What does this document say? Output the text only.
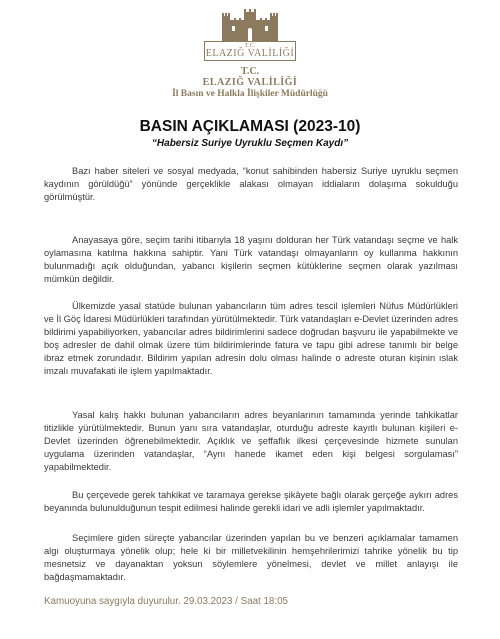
T.C.
ELAZIĞ VALİLİĞİ
T.C.
ELAZIĞ VALİLİĞİ
İl Basın ve Halkla İlişkiler Müdürlüğü
BASIN AÇIKLAMASI (2023-10)
“Habersiz Suriye Uyruklu Seçmen Kaydı”

Bazı haber siteleri ve sosyal medyada, “konut sahibinden habersiz Suriye uyruklu seçmen kaydının görüldüğü” yönünde gerçeklikle alakası olmayan iddiaların dolaşıma sokulduğu görülmüştür.

Anayasaya göre, seçim tarihi itibarıyla 18 yaşını dolduran her Türk vatandaşı seçme ve halk oylamasına katılma hakkına sahiptir. Yani Türk vatandaşı olmayanların oy kullanma hakkının bulunmadığı açık olduğundan, yabancı kişilerin seçmen kütüklerine seçmen olarak yazılması mümkün değildir.

Ülkemizde yasal statüde bulunan yabancıların tüm adres tescil işlemleri Nüfus Müdürlükleri ve İl Göç İdaresi Müdürlükleri tarafından yürütülmektedir. Türk vatandaşları e-Devlet üzerinden adres bildirimi yapabiliyorken, yabancılar adres bildirimlerini sadece doğrudan başvuru ile yapabilmekte ve boş adresler de dahil olmak üzere tüm bildirimlerinde fatura ve tapu gibi adrese tanımlı bir belge ibraz etmek zorundadır. Bildirim yapılan adresin dolu olması halinde o adreste oturan kişinin ıslak imzalı muvafakati ile işlem yapılmaktadır.

Yasal kalış hakkı bulunan yabancıların adres beyanlarının tamamında yerinde tahkikatlar titizlikle yürütülmektedir. Bunun yanı sıra vatandaşlar, oturduğu adreste kayıtlı bulunan kişileri e-Devlet üzerinden öğrenebilmektedir. Açıklık ve şeffaflık ilkesi çerçevesinde hizmete sunulan uygulama üzerinden vatandaşlar, “Aynı hanede ikamet eden kişi belgesi sorgulaması” yapabilmektedir.

Bu çerçevede gerek tahkikat ve taramaya gerekse şikâyete bağlı olarak gerçeğe aykırı adres beyanında bulunulduğunun tespit edilmesi halinde gerekli idari ve adli işlemler yapılmaktadır.

Seçimlere giden süreçte yabancılar üzerinden yapılan bu ve benzeri açıklamalar tamamen algı oluşturmaya yönelik olup; hele ki bir milletvekilinin hemşehrilerimizi tahrike yönelik bu tip mesnetsiz ve dayanaktan yoksun söylemlere yönelmesi, devlet ve millet anlayışı ile bağdaşmamaktadır.

Kamuoyuna saygıyla duyurulur. 29.03.2023 / Saat 18:05
